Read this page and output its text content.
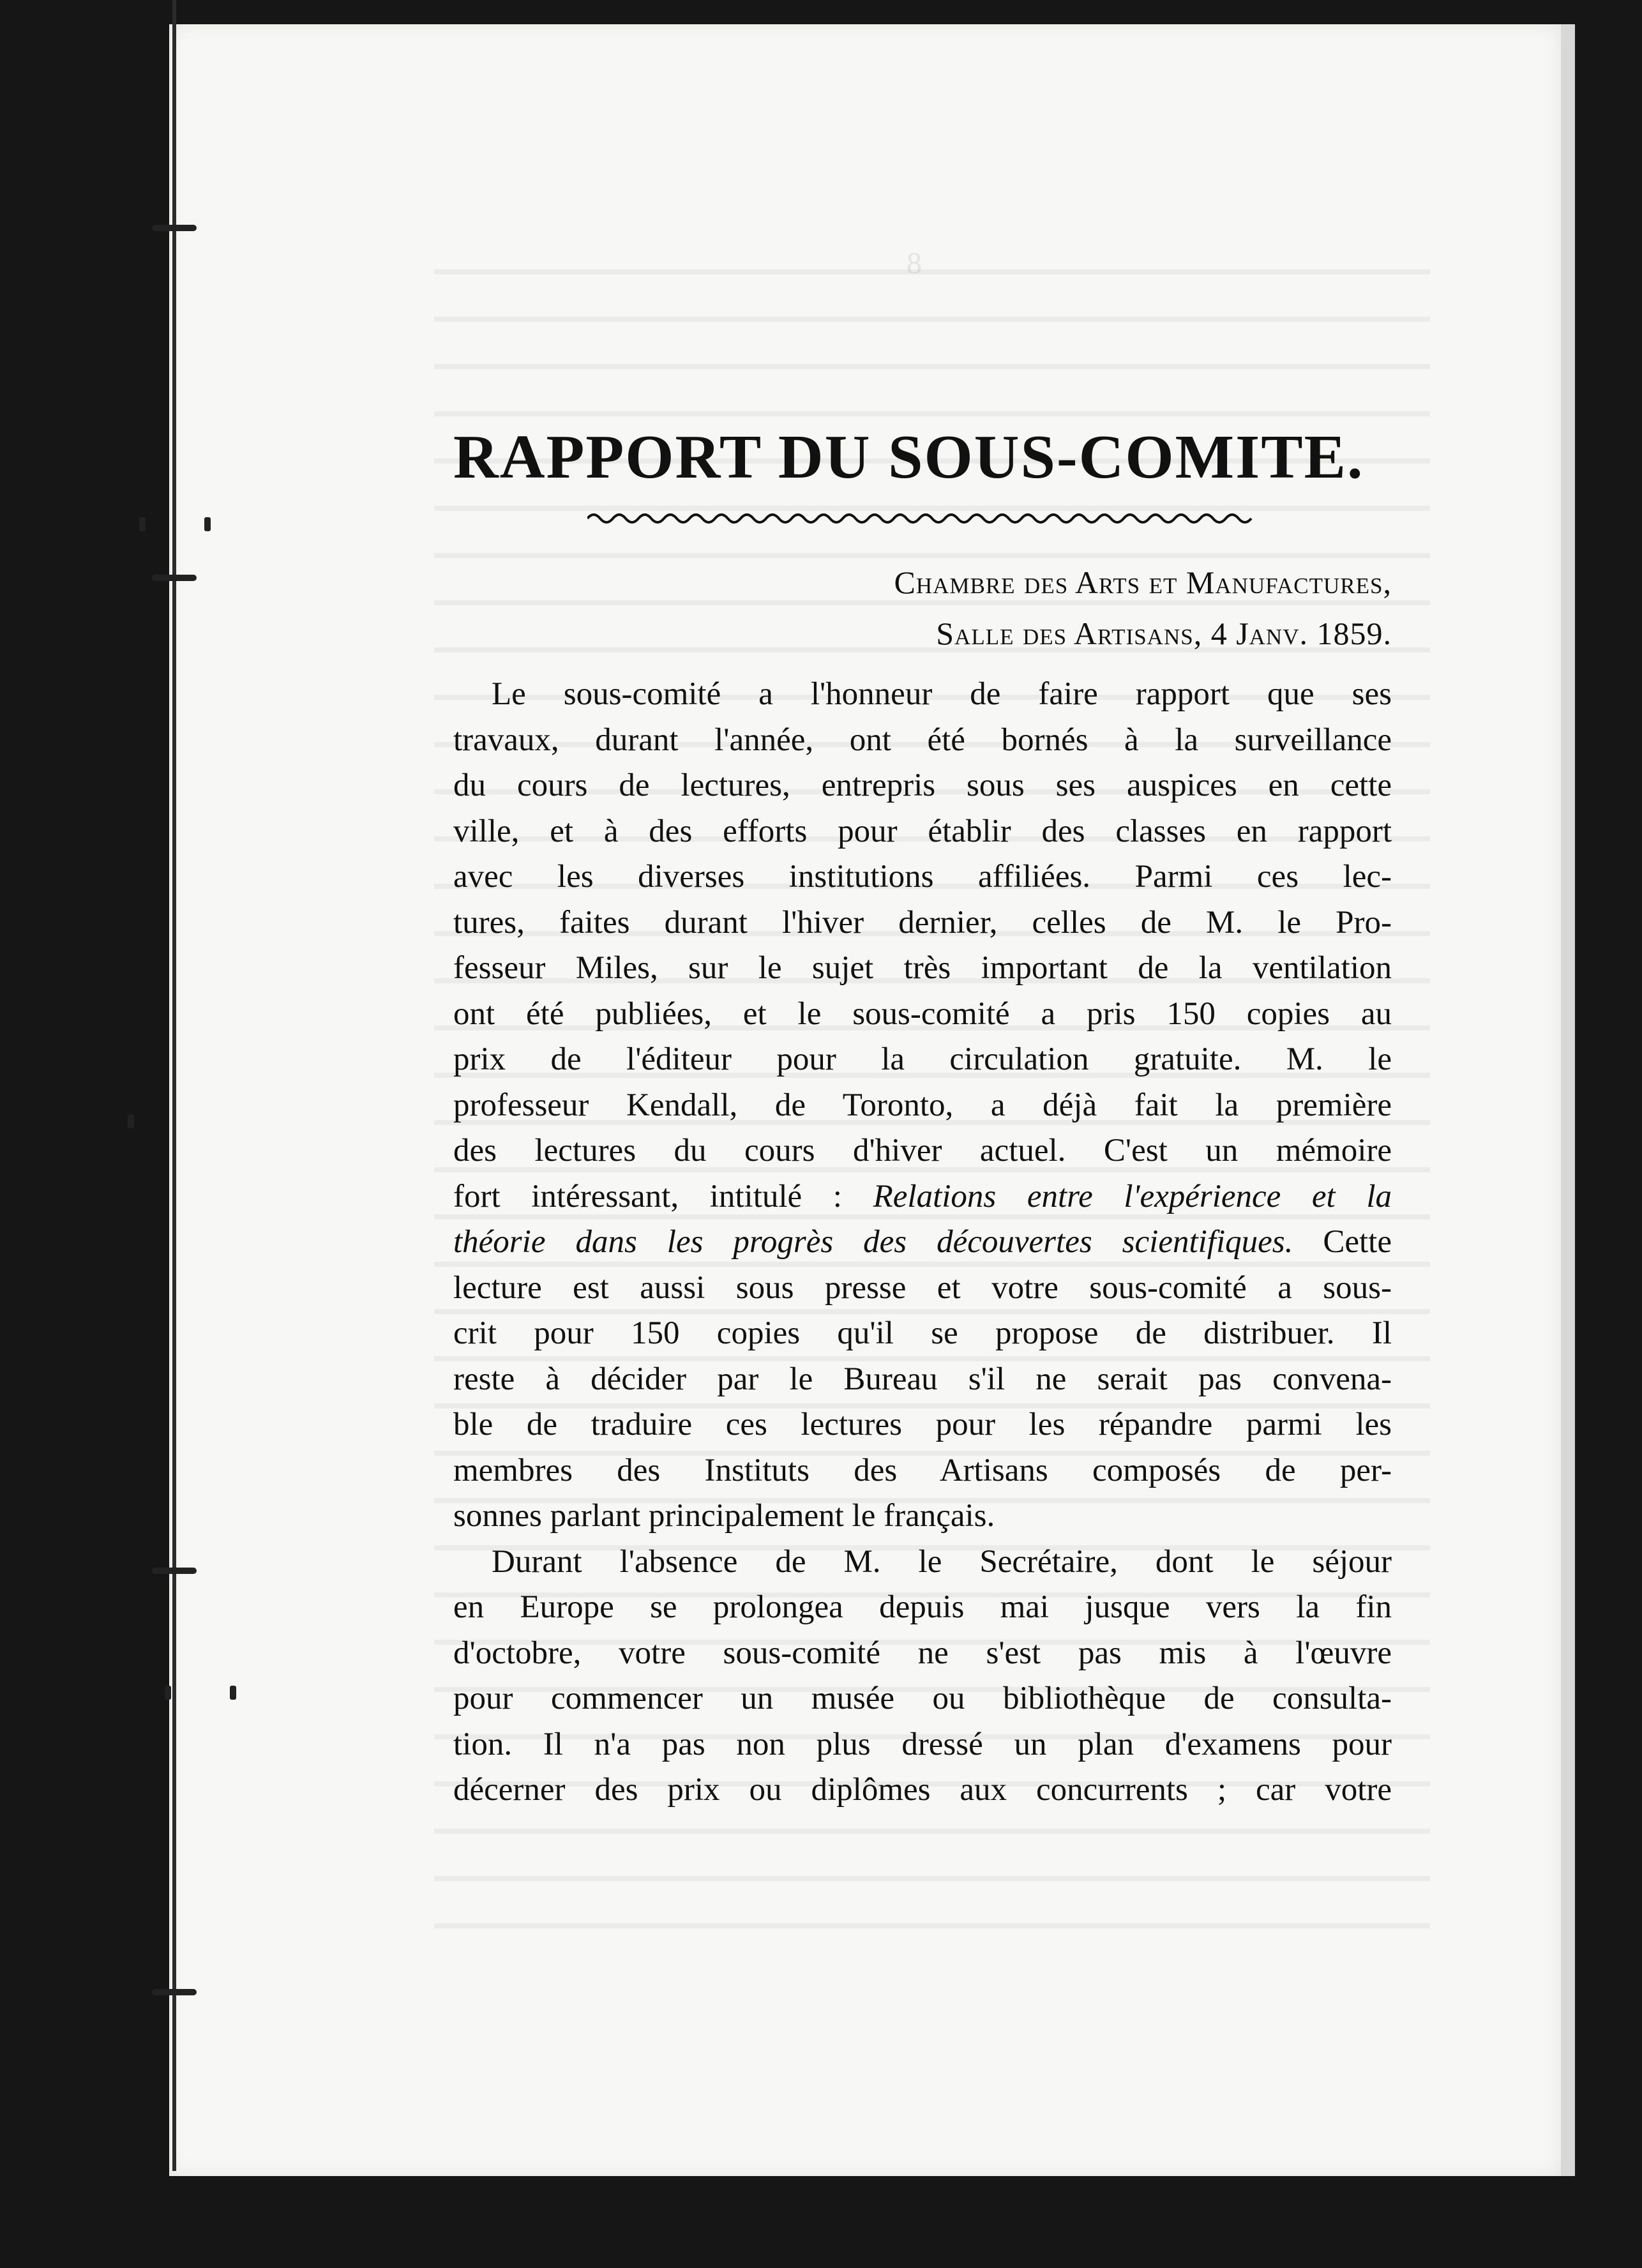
RAPPORT DU SOUS-COMITE.
Chambre des Arts et Manufactures,
Salle des Artisans, 4 Janv. 1859.
Le sous-comité a l'honneur de faire rapport que ses
travaux, durant l'année, ont été bornés à la surveillance
du cours de lectures, entrepris sous ses auspices en cette
ville, et à des efforts pour établir des classes en rapport
avec les diverses institutions affiliées. Parmi ces lec-
tures, faites durant l'hiver dernier, celles de M. le Pro-
fesseur Miles, sur le sujet très important de la ventilation
ont été publiées, et le sous-comité a pris 150 copies au
prix de l'éditeur pour la circulation gratuite. M. le
professeur Kendall, de Toronto, a déjà fait la première
des lectures du cours d'hiver actuel. C'est un mémoire
fort intéressant, intitulé : Relations entre l'expérience et la
théorie dans les progrès des découvertes scientifiques. Cette
lecture est aussi sous presse et votre sous-comité a sous-
crit pour 150 copies qu'il se propose de distribuer. Il
reste à décider par le Bureau s'il ne serait pas convena-
ble de traduire ces lectures pour les répandre parmi les
membres des Instituts des Artisans composés de per-
sonnes parlant principalement le français.
Durant l'absence de M. le Secrétaire, dont le séjour
en Europe se prolongea depuis mai jusque vers la fin
d'octobre, votre sous-comité ne s'est pas mis à l'œuvre
pour commencer un musée ou bibliothèque de consulta-
tion. Il n'a pas non plus dressé un plan d'examens pour
décerner des prix ou diplômes aux concurrents ; car votre
8
